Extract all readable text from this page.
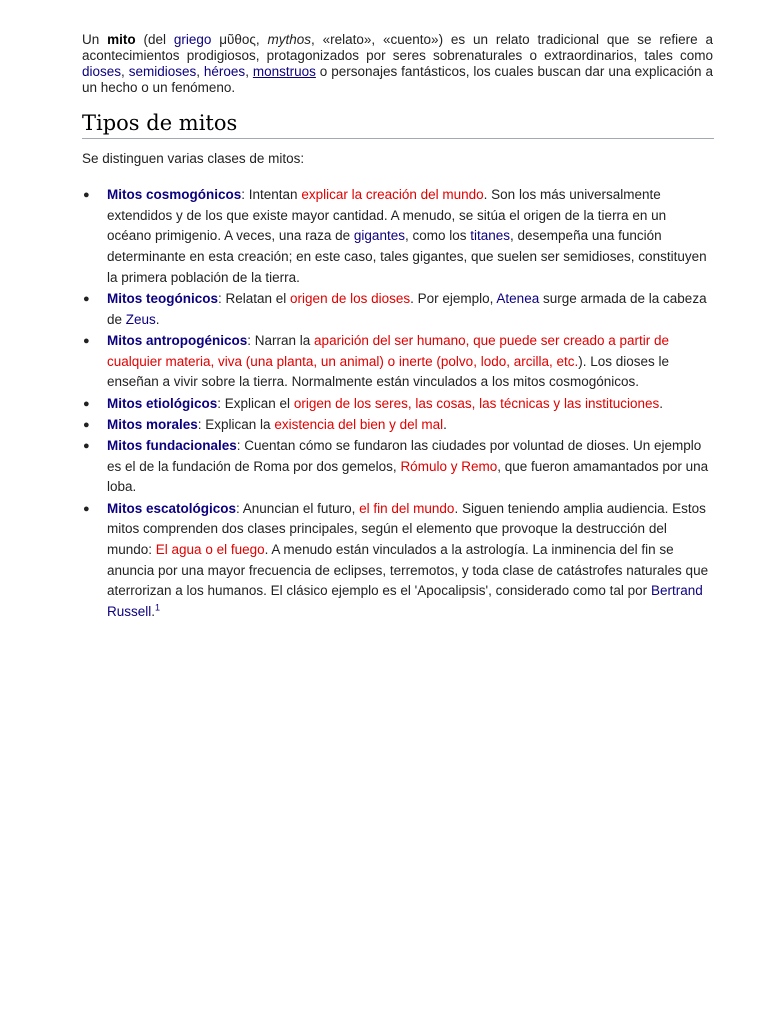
Un mito (del griego μῦθος, mythos, «relato», «cuento») es un relato tradicional que se refiere a acontecimientos prodigiosos, protagonizados por seres sobrenaturales o extraordinarios, tales como dioses, semidioses, héroes, monstruos o personajes fantásticos, los cuales buscan dar una explicación a un hecho o un fenómeno.

Tipos de mitos

Se distinguen varias clases de mitos:

● Mitos cosmogónicos: Intentan explicar la creación del mundo. Son los más universalmente extendidos y de los que existe mayor cantidad. A menudo, se sitúa el origen de la tierra en un océano primigenio. A veces, una raza de gigantes, como los titanes, desempeña una función determinante en esta creación; en este caso, tales gigantes, que suelen ser semidioses, constituyen la primera población de la tierra.
● Mitos teogónicos: Relatan el origen de los dioses. Por ejemplo, Atenea surge armada de la cabeza de Zeus.
● Mitos antropogénicos: Narran la aparición del ser humano, que puede ser creado a partir de cualquier materia, viva (una planta, un animal) o inerte (polvo, lodo, arcilla, etc.). Los dioses le enseñan a vivir sobre la tierra. Normalmente están vinculados a los mitos cosmogónicos.
● Mitos etiológicos: Explican el origen de los seres, las cosas, las técnicas y las instituciones.
● Mitos morales: Explican la existencia del bien y del mal.
● Mitos fundacionales: Cuentan cómo se fundaron las ciudades por voluntad de dioses. Un ejemplo es el de la fundación de Roma por dos gemelos, Rómulo y Remo, que fueron amamantados por una loba.
● Mitos escatológicos: Anuncian el futuro, el fin del mundo. Siguen teniendo amplia audiencia. Estos mitos comprenden dos clases principales, según el elemento que provoque la destrucción del mundo: El agua o el fuego. A menudo están vinculados a la astrología. La inminencia del fin se anuncia por una mayor frecuencia de eclipses, terremotos, y toda clase de catástrofes naturales que aterrorizan a los humanos. El clásico ejemplo es el 'Apocalipsis', considerado como tal por Bertrand Russell.$^1$
